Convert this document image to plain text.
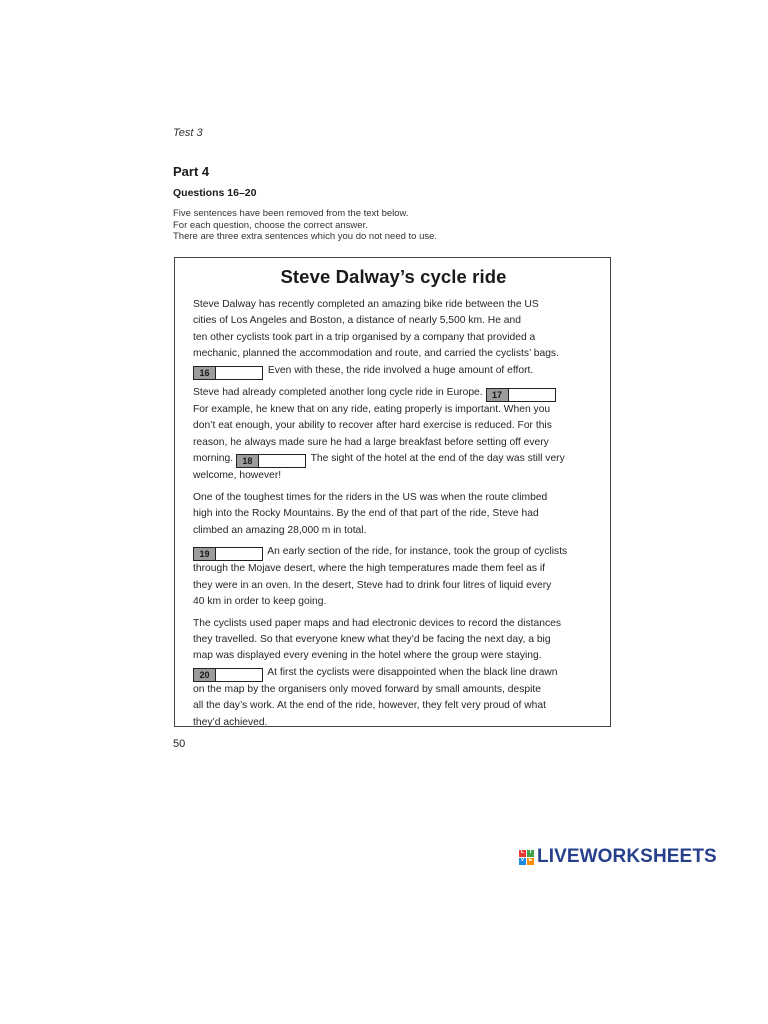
Test 3
Part 4
Questions 16–20
Five sentences have been removed from the text below.
For each question, choose the correct answer.
There are three extra sentences which you do not need to use.
Steve Dalway’s cycle ride
Steve Dalway has recently completed an amazing bike ride between the US
cities of Los Angeles and Boston, a distance of nearly 5,500 km. He and
ten other cyclists took part in a trip organised by a company that provided a
mechanic, planned the accommodation and route, and carried the cyclists’ bags.
16	Even with these, the ride involved a huge amount of effort.
Steve had already completed another long cycle ride in Europe.	17
For example, he knew that on any ride, eating properly is important. When you
don’t eat enough, your ability to recover after hard exercise is reduced. For this
reason, he always made sure he had a large breakfast before setting off every
morning.	18	The sight of the hotel at the end of the day was still very
welcome, however!
One of the toughest times for the riders in the US was when the route climbed
high into the Rocky Mountains. By the end of that part of the ride, Steve had
climbed an amazing 28,000 m in total.
19	An early section of the ride, for instance, took the group of cyclists
through the Mojave desert, where the high temperatures made them feel as if
they were in an oven. In the desert, Steve had to drink four litres of liquid every
40 km in order to keep going.
The cyclists used paper maps and had electronic devices to record the distances
they travelled. So that everyone knew what they’d be facing the next day, a big
map was displayed every evening in the hotel where the group were staying.
20	At first the cyclists were disappointed when the black line drawn
on the map by the organisers only moved forward by small amounts, despite
all the day’s work. At the end of the ride, however, they felt very proud of what
they’d achieved.
50
L	I
V E LIVEWORKSHEETS
